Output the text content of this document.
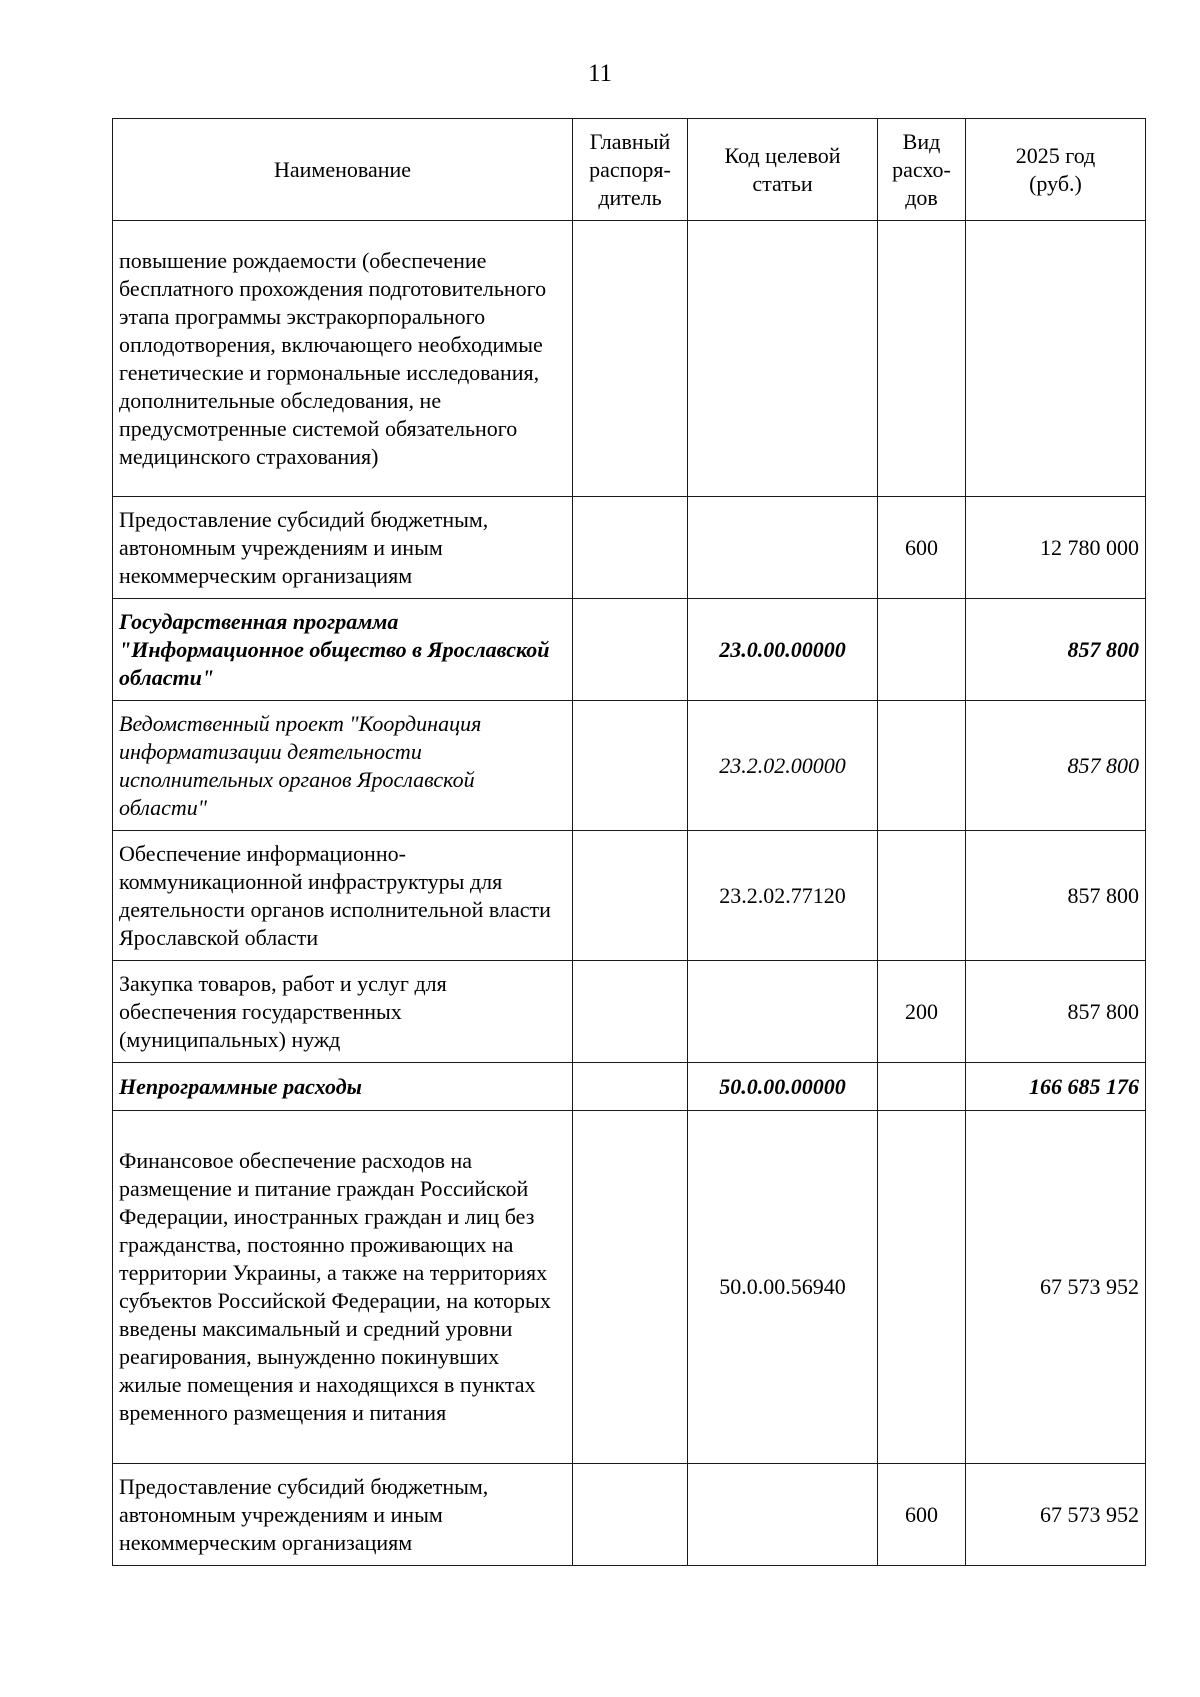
11
Наименование	Главный распоря-дитель	Код целевой статьи	Вид расхо-дов	2025 год (руб.)
повышение рождаемости (обеспечение бесплатного прохождения подготовительного этапа программы экстракорпорального оплодотворения, включающего необходимые генетические и гормональные исследования, дополнительные обследования, не предусмотренные системой обязательного медицинского страхования)				
Предоставление субсидий бюджетным, автономным учреждениям и иным некоммерческим организациям			600	12 780 000
Государственная программа "Информационное общество в Ярославской области"		23.0.00.00000		857 800
Ведомственный проект "Координация информатизации деятельности исполнительных органов Ярославской области"		23.2.02.00000		857 800
Обеспечение информационно-коммуникационной инфраструктуры для деятельности органов исполнительной власти Ярославской области		23.2.02.77120		857 800
Закупка товаров, работ и услуг для обеспечения государственных (муниципальных) нужд			200	857 800
Непрограммные расходы		50.0.00.00000		166 685 176
Финансовое обеспечение расходов на размещение и питание граждан Российской Федерации, иностранных граждан и лиц без гражданства, постоянно проживающих на территории Украины, а также на территориях субъектов Российской Федерации, на которых введены максимальный и средний уровни реагирования, вынужденно покинувших жилые помещения и находящихся в пунктах временного размещения и питания		50.0.00.56940		67 573 952
Предоставление субсидий бюджетным, автономным учреждениям и иным некоммерческим организациям			600	67 573 952
